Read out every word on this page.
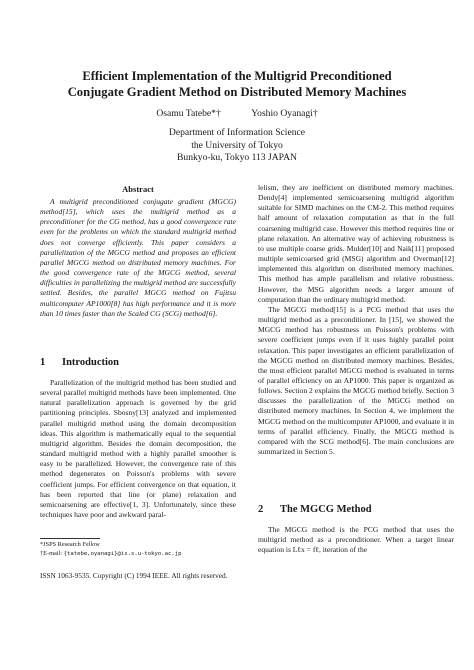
Efficient Implementation of the Multigrid Preconditioned
Conjugate Gradient Method on Distributed Memory Machines
Osamu Tatebe*†	Yoshio Oyanagi†
Department of Information Science
the University of Tokyo
Bunkyo-ku, Tokyo 113 JAPAN
Abstract

A multigrid preconditioned conjugate gradient (MGCG) method[15], which uses the multigrid method as a preconditioner for the CG method, has a good convergence rate even for the problems on which the standard multigrid method does not converge efficiently. This paper considers a parallelization of the MGCG method and proposes an efficient parallel MGCG method on distributed memory machines. For the good convergence rate of the MGCG method, several difficulties in parallelizing the multigrid method are successfully settled. Besides, the parallel MGCG method on Fujitsu multicomputer AP1000[8] has high performance and it is more than 10 times faster than the Scaled CG (SCG) method[6].

1 Introduction

Parallelization of the multigrid method has been studied and several parallel multigrid methods have been implemented. One natural parallelization approach is governed by the grid partitioning principles. Sbosny[13] analyzed and implemented parallel multigrid method using the domain decomposition ideas. This algorithm is mathematically equal to the sequential multigrid algorithm. Besides the domain decomposition, the standard multigrid method with a highly parallel smoother is easy to be parallelized. However, the convergence rate of this method degenerates on Poisson's problems with severe coefficient jumps. For efficient convergence on that equation, it has been reported that line (or plane) relaxation and semicoarsening are effective[1, 3]. Unfortunately, since these techniques have poor and awkward paral-

*JSPS Research Fellow
†E-mail: {tatebe,oyanagi}@is.s.u-tokyo.ac.jp

lelism, they are inefficient on distributed memory machines. Dendy[4] implemented semicoarsening multigrid algorithm suitable for SIMD machines on the CM-2. This method requires half amount of relaxation computation as that in the full coarsening multigrid case. However this method requires line or plane relaxation. An alternative way of achieving robustness is to use multiple coarse grids. Mulder[10] and Naik[11] proposed multiple semicoarsed grid (MSG) algorithm and Overman[12] implemented this algorithm on distributed memory machines. This method has ample parallelism and relative robustness. However, the MSG algorithm needs a larger amount of computation than the ordinary multigrid method.

The MGCG method[15] is a PCG method that uses the multigrid method as a preconditioner. In [15], we showed the MGCG method has robustness on Poisson's problems with severe coefficient jumps even if it uses highly parallel point relaxation. This paper investigates an efficient parallelization of the MGCG method on distributed memory machines. Besides, the most efficient parallel MGCG method is evaluated in terms of parallel efficiency on an AP1000. This paper is organized as follows. Section 2 explains the MGCG method briefly. Section 3 discusses the parallelization of the MGCG method on distributed memory machines. In Section 4, we implement the MGCG method on the multicomputer AP1000, and evaluate it in terms of parallel efficiency. Finally, the MGCG method is compared with the SCG method[6]. The main conclusions are summarized in Section 5.

2 The MGCG Method

The MGCG method is the PCG method that uses the multigrid method as a preconditioner. When a target linear equation is Lℓx = fℓ, iteration of the

ISSN 1063-9535. Copyright (C) 1994 IEEE. All rights reserved.
